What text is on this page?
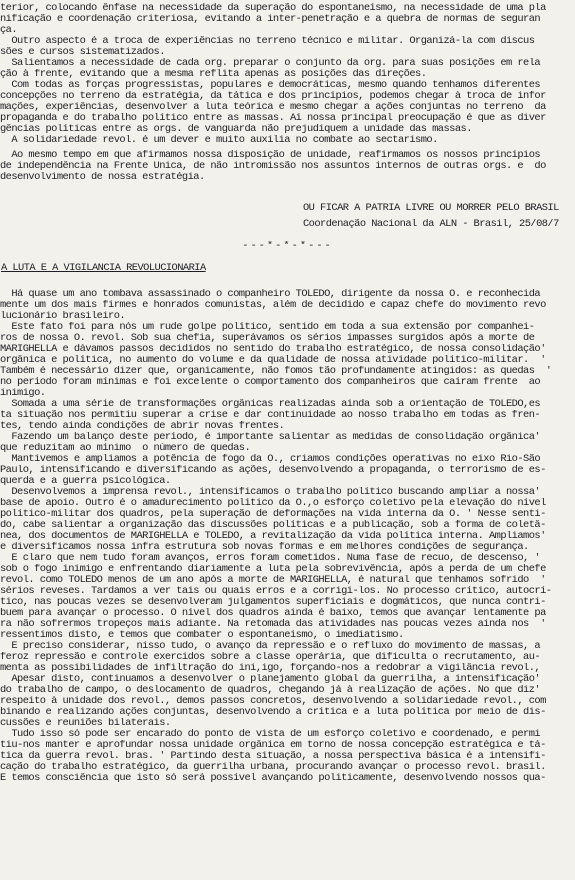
terior, colocando ênfase na necessidade da superação do espontaneísmo, na necessidade de uma pla
nificação e coordenação criteriosa, evitando a inter-penetração e a quebra de normas de seguran
ça.
Outro aspecto é a troca de experiências no terreno técnico e militar. Organizá-la com discus
sões e cursos sistematizados.
Salientamos a necessidade de cada org. preparar o conjunto da org. para suas posições em rela
ção à frente, evitando que a mesma reflita apenas as posições das direções.
Com todas as forças progressistas, populares e democráticas, mesmo quando tenhamos diferentes
concepções no terreno da estratégia, da tática e dos princípios, podemos chegar à troca de infor
mações, experiências, desenvolver a luta teórica e mesmo chegar a ações conjuntas no terreno  da
propaganda e do trabalho político entre as massas. Aí nossa principal preocupação é que as diver
gências políticas entre as orgs. de vanguarda não prejudiquem a unidade das massas.
A solidariedade revol. é um dever e muito auxilia no combate ao sectarismo.
Ao mesmo tempo em que afirmamos nossa disposição de unidade, reafirmamos os nossos princípios
de independência na Frente Única, de não intromissão nos assuntos internos de outras orgs. e  do
desenvolvimento de nossa estratégia.
OU FICAR A PÁTRIA LIVRE OU MORRER PELO BRASIL
Coordenação Nacional da ALN - Brasil, 25/08/7
---*-*-*---
A LUTA E A VIGILÂNCIA REVOLUCIONÁRIA
Há quase um ano tombava assassinado o companheiro TOLEDO, dirigente da nossa O. e reconhecida
mente um dos mais firmes e honrados comunistas, além de decidido e capaz chefe do movimento revo
lucionário brasileiro.
Este fato foi para nós um rude golpe político, sentido em toda a sua extensão por companhei-
ros de nossa O. revol. Sob sua chefia, superávamos os sérios impasses surgidos após a morte de
MARIGHELLA e dávamos passos decididos no sentido do trabalho estratégico, de nossa consolidação'
orgânica e política, no aumento do volume e da qualidade de nossa atividade político-militar.  '
Também é necessário dizer que, organicamente, não fomos tão profundamente atingidos: as quedas  '
no período foram mínimas e foi excelente o comportamento dos companheiros que caíram frente  ao
inimigo.
Somada a uma série de transformações orgânicas realizadas ainda sob a orientação de TOLEDO,es
ta situação nos permitiu superar a crise e dar continuidade ao nosso trabalho em todas as fren-
tes, tendo ainda condições de abrir novas frentes.
Fazendo um balanço deste período, é importante salientar as medidas de consolidação orgânica'
que reduzitam ao mínimo  o número de quedas.
Mantivemos e ampliamos a potência de fogo da O., criamos condições operativas no eixo Rio-São
Paulo, intensificando e diversificando as ações, desenvolvendo a propaganda, o terrorismo de es-
querda e a guerra psicológica.
Desenvolvemos a imprensa revol., intensificamos o trabalho político buscando ampliar a nossa'
base de apoio. Outro é o amadurecimento político da O.,o esforço coletivo pela elevação do nível
político-militar dos quadros, pela superação de deformações na vida interna da O. ' Nesse senti-
do, cabe salientar a organização das discussões políticas e a publicação, sob a forma de coletâ-
nea, dos documentos de MARIGHELLA e TOLEDO, a revitalização da vida política interna. Ampliamos'
e diversificamos nossa infra estrutura sob novas formas e em melhores condições de segurança.
É claro que nem tudo foram avanços, erros foram cometidos. Numa fase de recuo, de descenso, '
sob o fogo inimigo e enfrentando diariamente a luta pela sobrevivência, após a perda de um chefe
revol. como TOLEDO menos de um ano após a morte de MARIGHELLA, é natural que tenhamos sofrido  '
sérios reveses. Tardamos a ver tais ou quais erros e a corrigi-los. No processo crítico, autocrí-
tico, nas poucas vezes se desenvolveram julgamentos superficiais e dogmáticos, que nunca contri-
buem para avançar o processo. O nível dos quadros ainda é baixo, temos que avançar lentamente pa
ra não sofrermos tropeços mais adiante. Na retomada das atividades nas poucas vezes ainda nos  '
ressentimos disto, e temos que combater o espontaneísmo, o imediatismo.
É preciso considerar, nisso tudo, o avanço da repressão e o refluxo do movimento de massas, a
feroz repressão e controle exercidos sobre a classe operária, que dificulta o recrutamento, au-
menta as possibilidades de infiltração do ini,igo, forçando-nos a redobrar a vigilância revol.,
Apesar disto, continuamos a desenvolver o planejamento global da guerrilha, a intensificação'
do trabalho de campo, o deslocamento de quadros, chegando já à realização de ações. No que diz'
respeito à unidade dos revol., demos passos concretos, desenvolvendo a solidariedade revol., com
binando e realizando ações conjuntas, desenvolvendo a crítica e a luta política por meio de dis-
cussões e reuniões bilaterais.
Tudo isso só pode ser encarado do ponto de vista de um esforço coletivo e coordenado, e permi
tiu-nos manter e aprofundar nossa unidade orgânica em torno de nossa concepção estratégica e tá-
tica da guerra revol. bras. ' Partindo desta situação, a nossa perspectiva básica é a intensifi-
cação do trabalho estratégico, da guerrilha urbana, procurando avançar o processo revol. brasil.
E temos consciência que isto só será possível avançando politicamente, desenvolvendo nossos qua-
